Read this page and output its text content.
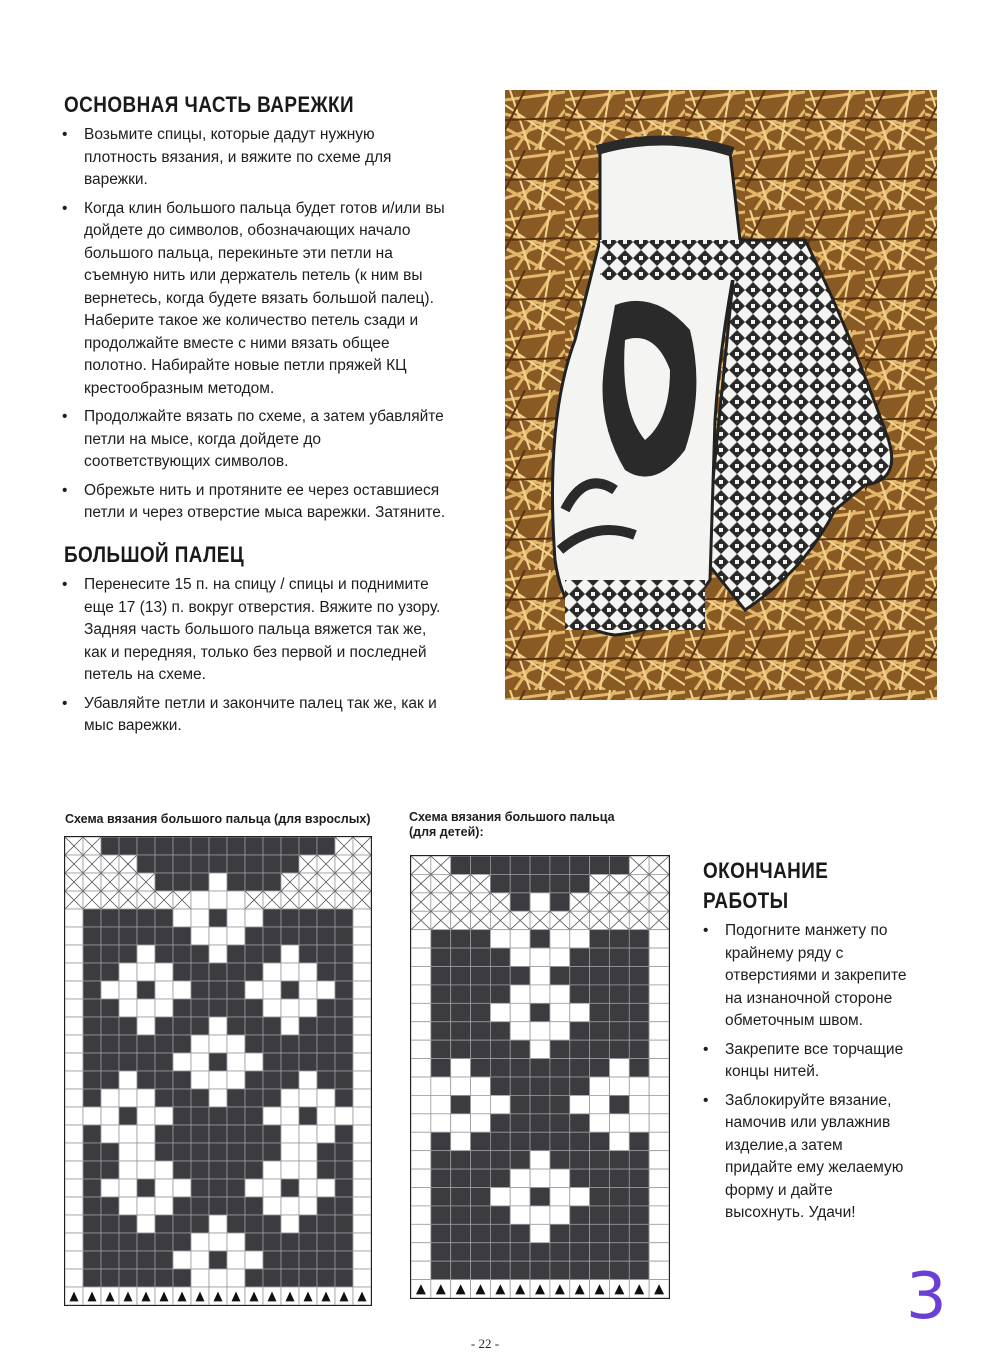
ОСНОВНАЯ ЧАСТЬ ВАРЕЖКИ
• Возьмите спицы, которые дадут нужную плотность вязания, и вяжите по схеме для варежки.
• Когда клин большого пальца будет готов и/или вы дойдете до символов, обозначающих начало большого пальца, перекиньте эти петли на съемную нить или держатель петель (к ним вы вернетесь, когда будете вязать большой палец). Наберите такое же количество петель сзади и продолжайте вместе с ними вязать общее полотно. Набирайте новые петли пряжей КЦ крестообразным методом.
• Продолжайте вязать по схеме, а затем убавляйте петли на мысе, когда дойдете до соответствующих символов.
• Обрежьте нить и протяните ее через оставшиеся петли и через отверстие мыса варежки. Затяните.
БОЛЬШОЙ ПАЛЕЦ
• Перенесите 15 п. на спицу / спицы и поднимите еще 17 (13) п. вокруг отверстия. Вяжите по узору. Задняя часть большого пальца вяжется так же, как и передняя, только без первой и последней петель на схеме.
• Убавляйте петли и закончите палец так же, как и мыс варежки.
Схема вязания большого пальца (для взрослых)	Схема вязания большого пальца
(для детей):
ОКОНЧАНИЕ
РАБОТЫ
• Подогните манжету по крайнему ряду с отверстиями и закрепите на изнаночной стороне обметочным швом.
• Закрепите все торчащие концы нитей.
• Заблокируйте вязание, намочив или увлажнив изделие,а затем придайте ему желаемую форму и дайте высохнуть. Удачи!
- 22 -
3
